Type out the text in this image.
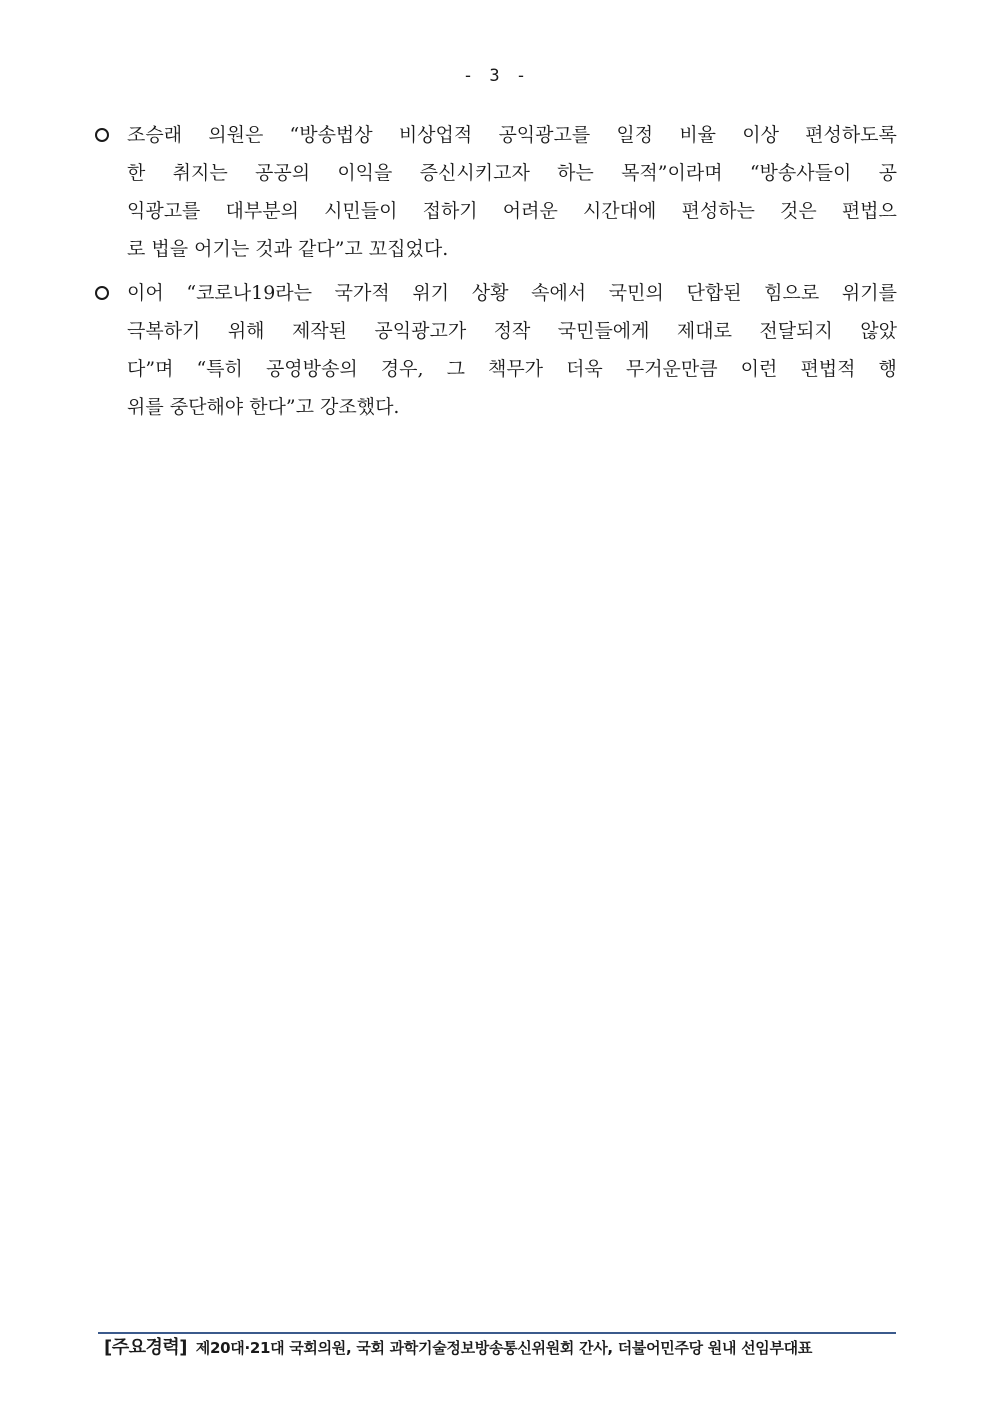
- 3 -
조승래 의원은 “방송법상 비상업적 공익광고를 일정 비율 이상 편성하도록
한 취지는 공공의 이익을 증신시키고자 하는 목적”이라며 “방송사들이 공
익광고를 대부분의 시민들이 접하기 어려운 시간대에 편성하는 것은 편법으
로 법을 어기는 것과 같다”고 꼬집었다.
이어 “코로나19라는 국가적 위기 상황 속에서 국민의 단합된 힘으로 위기를
극복하기 위해 제작된 공익광고가 정작 국민들에게 제대로 전달되지 않았
다”며 “특히 공영방송의 경우, 그 책무가 더욱 무거운만큼 이런 편법적 행
위를 중단해야 한다”고 강조했다.
[주요경력] 제20대·21대 국회의원, 국회 과학기술정보방송통신위원회 간사, 더불어민주당 원내 선임부대표
